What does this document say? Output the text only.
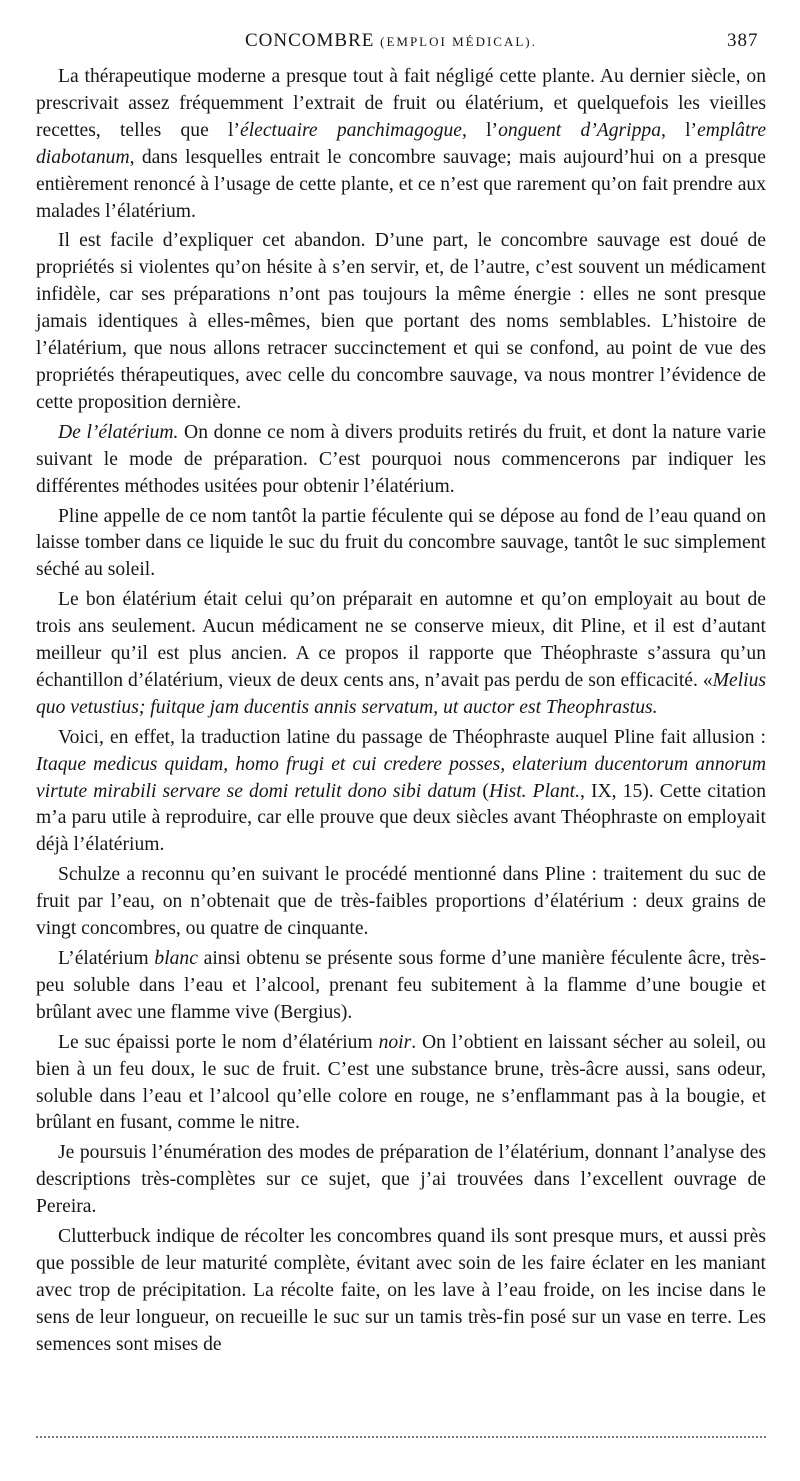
CONCOMBRE (EMPLOI MÉDICAL).	387

La thérapeutique moderne a presque tout à fait négligé cette plante. Au dernier siècle, on prescrivait assez fréquemment l’extrait de fruit ou élatérium, et quelquefois les vieilles recettes, telles que l’électuaire panchimagogue, l’onguent d’Agrippa, l’emplâtre diabotanum, dans lesquelles entrait le concombre sauvage; mais aujourd’hui on a presque entièrement renoncé à l’usage de cette plante, et ce n’est que rarement qu’on fait prendre aux malades l’élatérium.

Il est facile d’expliquer cet abandon. D’une part, le concombre sauvage est doué de propriétés si violentes qu’on hésite à s’en servir, et, de l’autre, c’est souvent un médicament infidèle, car ses préparations n’ont pas toujours la même énergie : elles ne sont presque jamais identiques à elles-mêmes, bien que portant des noms semblables. L’histoire de l’élatérium, que nous allons retracer succinctement et qui se confond, au point de vue des propriétés thérapeutiques, avec celle du concombre sauvage, va nous montrer l’évidence de cette proposition dernière.

De l’élatérium. On donne ce nom à divers produits retirés du fruit, et dont la nature varie suivant le mode de préparation. C’est pourquoi nous commencerons par indiquer les différentes méthodes usitées pour obtenir l’élatérium.

Pline appelle de ce nom tantôt la partie féculente qui se dépose au fond de l’eau quand on laisse tomber dans ce liquide le suc du fruit du concombre sauvage, tantôt le suc simplement séché au soleil.

Le bon élatérium était celui qu’on préparait en automne et qu’on employait au bout de trois ans seulement. Aucun médicament ne se conserve mieux, dit Pline, et il est d’autant meilleur qu’il est plus ancien. A ce propos il rapporte que Théophraste s’assura qu’un échantillon d’élatérium, vieux de deux cents ans, n’avait pas perdu de son efficacité. «Melius quo vetustius; fuitque jam ducentis annis servatum, ut auctor est Theophrastus.

Voici, en effet, la traduction latine du passage de Théophraste auquel Pline fait allusion : Itaque medicus quidam, homo frugi et cui credere posses, elaterium ducentorum annorum virtute mirabili servare se domi retulit dono sibi datum (Hist. Plant., IX, 15). Cette citation m’a paru utile à reproduire, car elle prouve que deux siècles avant Théophraste on employait déjà l’élatérium.

Schulze a reconnu qu’en suivant le procédé mentionné dans Pline : traitement du suc de fruit par l’eau, on n’obtenait que de très-faibles proportions d’élatérium : deux grains de vingt concombres, ou quatre de cinquante.

L’élatérium blanc ainsi obtenu se présente sous forme d’une manière féculente âcre, très-peu soluble dans l’eau et l’alcool, prenant feu subitement à la flamme d’une bougie et brûlant avec une flamme vive (Bergius).

Le suc épaissi porte le nom d’élatérium noir. On l’obtient en laissant sécher au soleil, ou bien à un feu doux, le suc de fruit. C’est une substance brune, très-âcre aussi, sans odeur, soluble dans l’eau et l’alcool qu’elle colore en rouge, ne s’enflammant pas à la bougie, et brûlant en fusant, comme le nitre.

Je poursuis l’énumération des modes de préparation de l’élatérium, donnant l’analyse des descriptions très-complètes sur ce sujet, que j’ai trouvées dans l’excellent ouvrage de Pereira.

Clutterbuck indique de récolter les concombres quand ils sont presque murs, et aussi près que possible de leur maturité complète, évitant avec soin de les faire éclater en les maniant avec trop de précipitation. La récolte faite, on les lave à l’eau froide, on les incise dans le sens de leur longueur, on recueille le suc sur un tamis très-fin posé sur un vase en terre. Les semences sont mises de
